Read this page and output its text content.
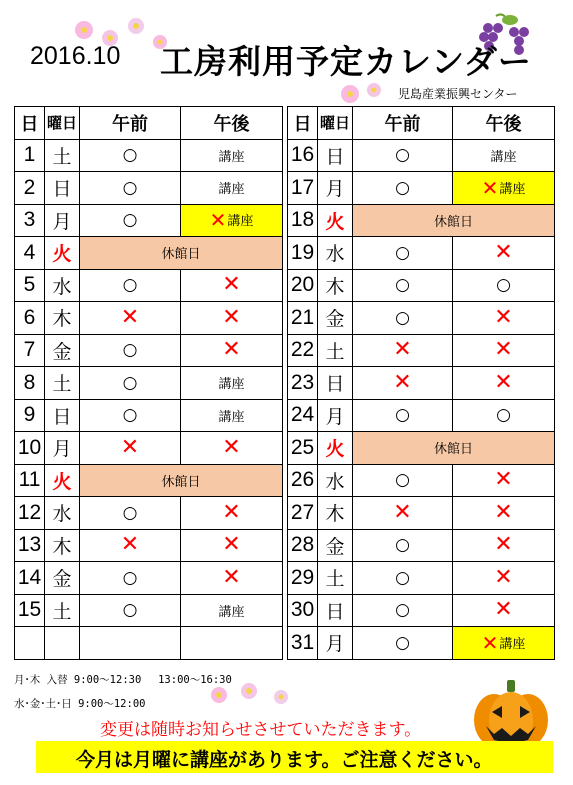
2016.10 工房利用予定カレンダー
児島産業振興センター
日	曜日	午前	午後
1	土	○	講座
2	日	○	講座
3	月	○	✕講座
4	火	休館日	
5	水	○	✕
6	木	✕	✕
7	金	○	✕
8	土	○	講座
9	日	○	講座
10	月	✕	✕
11	火	休館日	
12	水	○	✕
13	木	✕	✕
14	金	○	✕
15	土	○	講座

日	曜日	午前	午後
16	日	○	講座
17	月	○	✕講座
18	火	休館日	
19	水	○	✕
20	木	○	○
21	金	○	✕
22	土	✕	✕
23	日	✕	✕
24	月	○	○
25	火	休館日	
26	水	○	✕
27	木	✕	✕
28	金	○	✕
29	土	○	✕
30	日	○	✕
31	月	○	✕講座
月･木 入替 9:00～12:30　 13:00～16:30
水･金･土･日 9:00～12:00
変更は随時お知らせさせていただきます。
今月は月曜に講座があります。ご注意ください。
